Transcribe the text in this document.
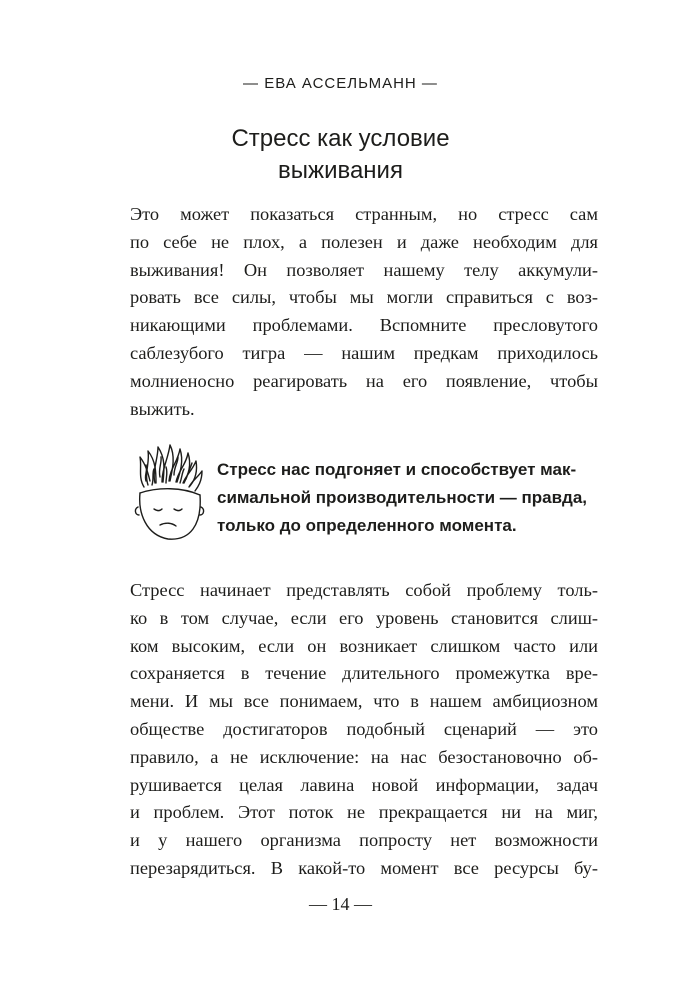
— ЕВА АССЕЛЬМАНН —
Стресс как условие
выживания
Это может показаться странным, но стресс сам
по себе не плох, а полезен и даже необходим для
выживания! Он позволяет нашему телу аккумули-
ровать все силы, чтобы мы могли справиться с воз-
никающими проблемами. Вспомните пресловутого
саблезубого тигра — нашим предкам приходилось
молниеносно реагировать на его появление, чтобы
выжить.
Стресс нас подгоняет и способствует мак-
симальной производительности — правда,
только до определенного момента.
Стресс начинает представлять собой проблему толь-
ко в том случае, если его уровень становится слиш-
ком высоким, если он возникает слишком часто или
сохраняется в течение длительного промежутка вре-
мени. И мы все понимаем, что в нашем амбициозном
обществе достигаторов подобный сценарий — это
правило, а не исключение: на нас безостановочно об-
рушивается целая лавина новой информации, задач
и проблем. Этот поток не прекращается ни на миг,
и у нашего организма попросту нет возможности
перезарядиться. В какой-то момент все ресурсы бу-
— 14 —
